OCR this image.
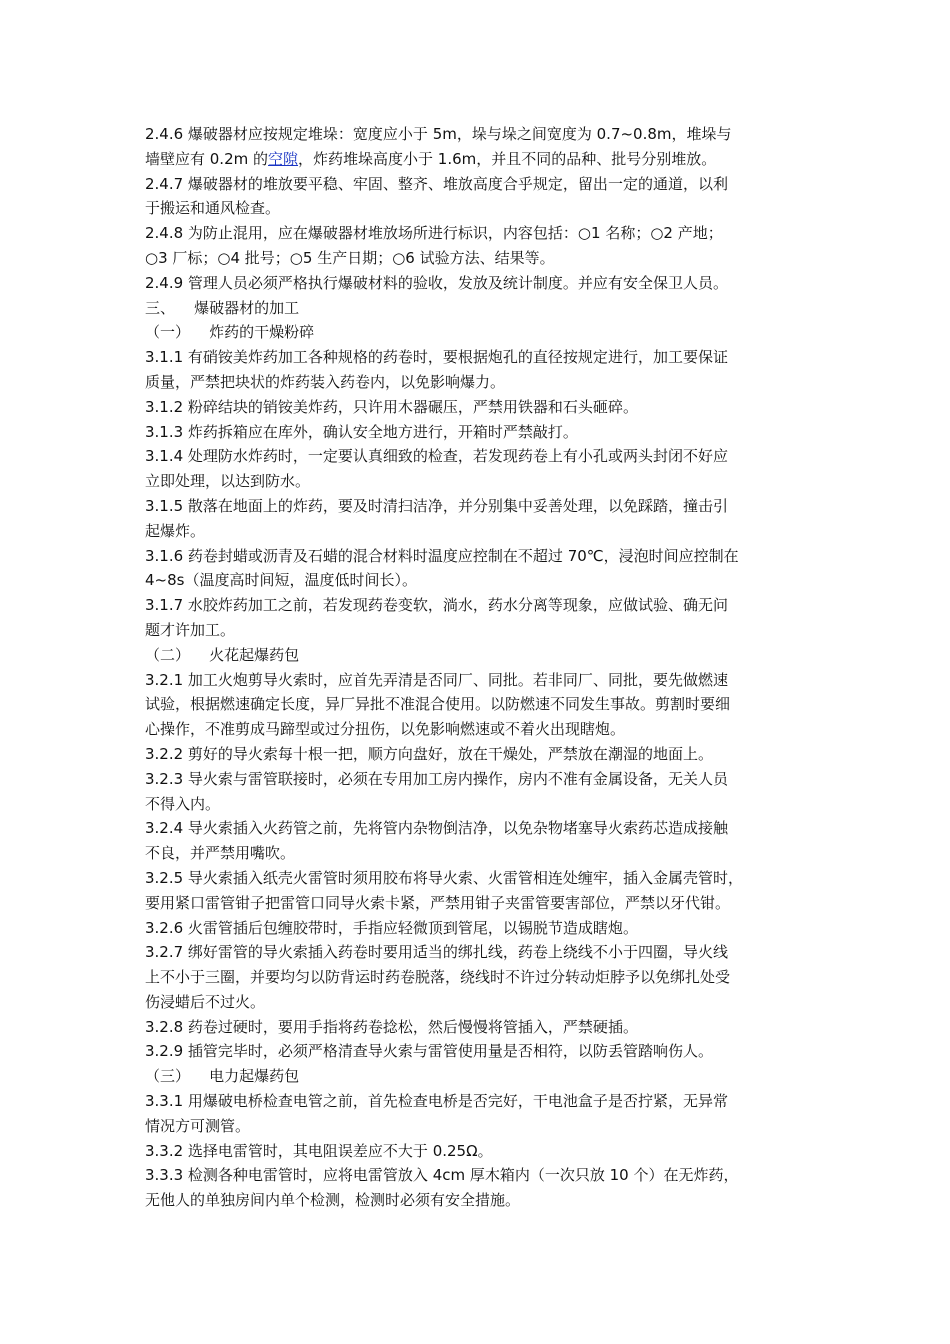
2.4.6 爆破器材应按规定堆垛：宽度应小于 5m，垛与垛之间宽度为 0.7~0.8m，堆垛与
墙壁应有 0.2m 的空隙，炸药堆垛高度小于 1.6m，并且不同的品种、批号分别堆放。
2.4.7 爆破器材的堆放要平稳、牢固、整齐、堆放高度合乎规定，留出一定的通道，以利
于搬运和通风检查。
2.4.8 为防止混用，应在爆破器材堆放场所进行标识，内容包括：○1 名称；○2 产地；
○3 厂标；○4 批号；○5 生产日期；○6 试验方法、结果等。
2.4.9 管理人员必须严格执行爆破材料的验收，发放及统计制度。并应有安全保卫人员。
三、    爆破器材的加工
（一）    炸药的干燥粉碎
3.1.1 有硝铵美炸药加工各种规格的药卷时，要根据炮孔的直径按规定进行，加工要保证
质量，严禁把块状的炸药装入药卷内，以免影响爆力。
3.1.2 粉碎结块的销铵美炸药，只许用木器碾压，严禁用铁器和石头砸碎。
3.1.3 炸药拆箱应在库外，确认安全地方进行，开箱时严禁敲打。
3.1.4 处理防水炸药时，一定要认真细致的检查，若发现药卷上有小孔或两头封闭不好应
立即处理，以达到防水。
3.1.5 散落在地面上的炸药，要及时清扫洁净，并分别集中妥善处理，以免踩踏，撞击引
起爆炸。
3.1.6 药卷封蜡或沥青及石蜡的混合材料时温度应控制在不超过 70℃，浸泡时间应控制在
4~8s（温度高时间短，温度低时间长）。
3.1.7 水胶炸药加工之前，若发现药卷变软，淌水，药水分离等现象，应做试验、确无问
题才许加工。
（二）    火花起爆药包
3.2.1 加工火炮剪导火索时，应首先弄清是否同厂、同批。若非同厂、同批，要先做燃速
试验，根据燃速确定长度，异厂异批不准混合使用。以防燃速不同发生事故。剪割时要细
心操作，不准剪成马蹄型或过分扭伤，以免影响燃速或不着火出现瞎炮。
3.2.2 剪好的导火索每十根一把，顺方向盘好，放在干燥处，严禁放在潮湿的地面上。
3.2.3 导火索与雷管联接时，必须在专用加工房内操作，房内不准有金属设备，无关人员
不得入内。
3.2.4 导火索插入火药管之前，先将管内杂物倒洁净，以免杂物堵塞导火索药芯造成接触
不良，并严禁用嘴吹。
3.2.5 导火索插入纸壳火雷管时须用胶布将导火索、火雷管相连处缠牢，插入金属壳管时，
要用紧口雷管钳子把雷管口同导火索卡紧，严禁用钳子夹雷管要害部位，严禁以牙代钳。
3.2.6 火雷管插后包缠胶带时，手指应轻微顶到管尾，以锡脱节造成瞎炮。
3.2.7 绑好雷管的导火索插入药卷时要用适当的绑扎线，药卷上绕线不小于四圈，导火线
上不小于三圈，并要均匀以防背运时药卷脱落，绕线时不许过分转动炬脖予以免绑扎处受
伤浸蜡后不过火。
3.2.8 药卷过硬时，要用手指将药卷捻松，然后慢慢将管插入，严禁硬插。
3.2.9 插管完毕时，必须严格清查导火索与雷管使用量是否相符，以防丢管踏响伤人。
（三）    电力起爆药包
3.3.1 用爆破电桥检查电管之前，首先检查电桥是否完好，干电池盒子是否拧紧，无异常
情况方可测管。
3.3.2 选择电雷管时，其电阻误差应不大于 0.25Ω。
3.3.3 检测各种电雷管时，应将电雷管放入 4cm 厚木箱内（一次只放 10 个）在无炸药，
无他人的单独房间内单个检测，检测时必须有安全措施。
